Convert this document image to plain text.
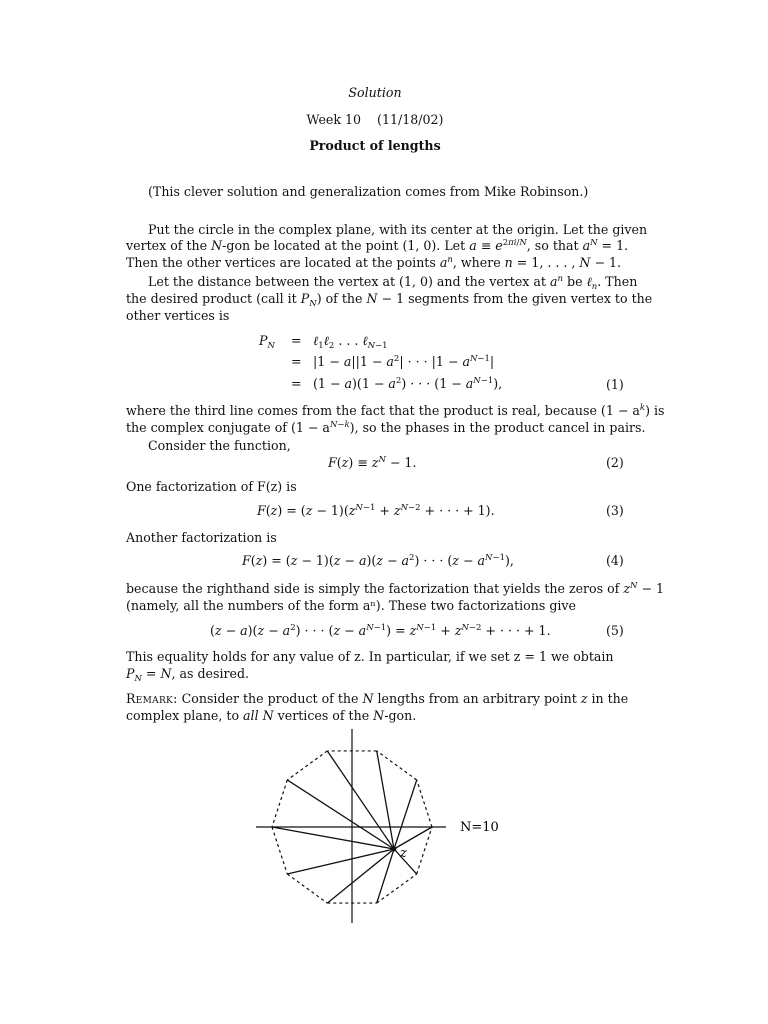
Solution
Week 10 (11/18/02)
Product of lengths
(This clever solution and generalization comes from Mike Robinson.)
Put the circle in the complex plane, with its center at the origin. Let the given
vertex of the N-gon be located at the point (1, 0). Let $a \equiv e^{2\pi i/N}$, so that $a^N = 1$.
Then the other vertices are located at the points $a^n$, where n = 1, . . . , N − 1.
Let the distance between the vertex at (1, 0) and the vertex at $a^n$ be ℓ$_n$. Then
the desired product (call it $P_N$) of the N − 1 segments from the given vertex to the
other vertices is
$P_N$ = ℓ$_1$ℓ$_2$ . . . ℓ$_{N-1}$
= $|1 - a||1 - a^2|$ · · · $|1 - a^{N-1}|$
= $(1 - a)(1 - a^2)$ · · · $(1 - a^{N-1})$,	(1)
where the third line comes from the fact that the product is real, because $(1 - a^k)$ is
the complex conjugate of $(1 - a^{N-k})$, so the phases in the product cancel in pairs.
Consider the function,
$F(z) \equiv z^N - 1$.	(2)
One factorization of F(z) is
$F(z) = (z - 1)(z^{N-1} + z^{N-2}$ + · · · + 1).	(3)
Another factorization is
$F(z) = (z - 1)(z - a)(z - a^2)$ · · · $(z - a^{N-1})$,	(4)
because the righthand side is simply the factorization that yields the zeros of $z^N - 1$
(namely, all the numbers of the form aⁿ). These two factorizations give
$(z - a)(z - a^2)$ · · · $(z - a^{N-1}) = z^{N-1} + z^{N-2}$ + · · · + 1.	(5)
This equality holds for any value of z. In particular, if we set z = 1 we obtain
$P_N = N$, as desired.
Remark: Consider the product of the N lengths from an arbitrary point z in the
complex plane, to all N vertices of the N-gon.
z
N=10
